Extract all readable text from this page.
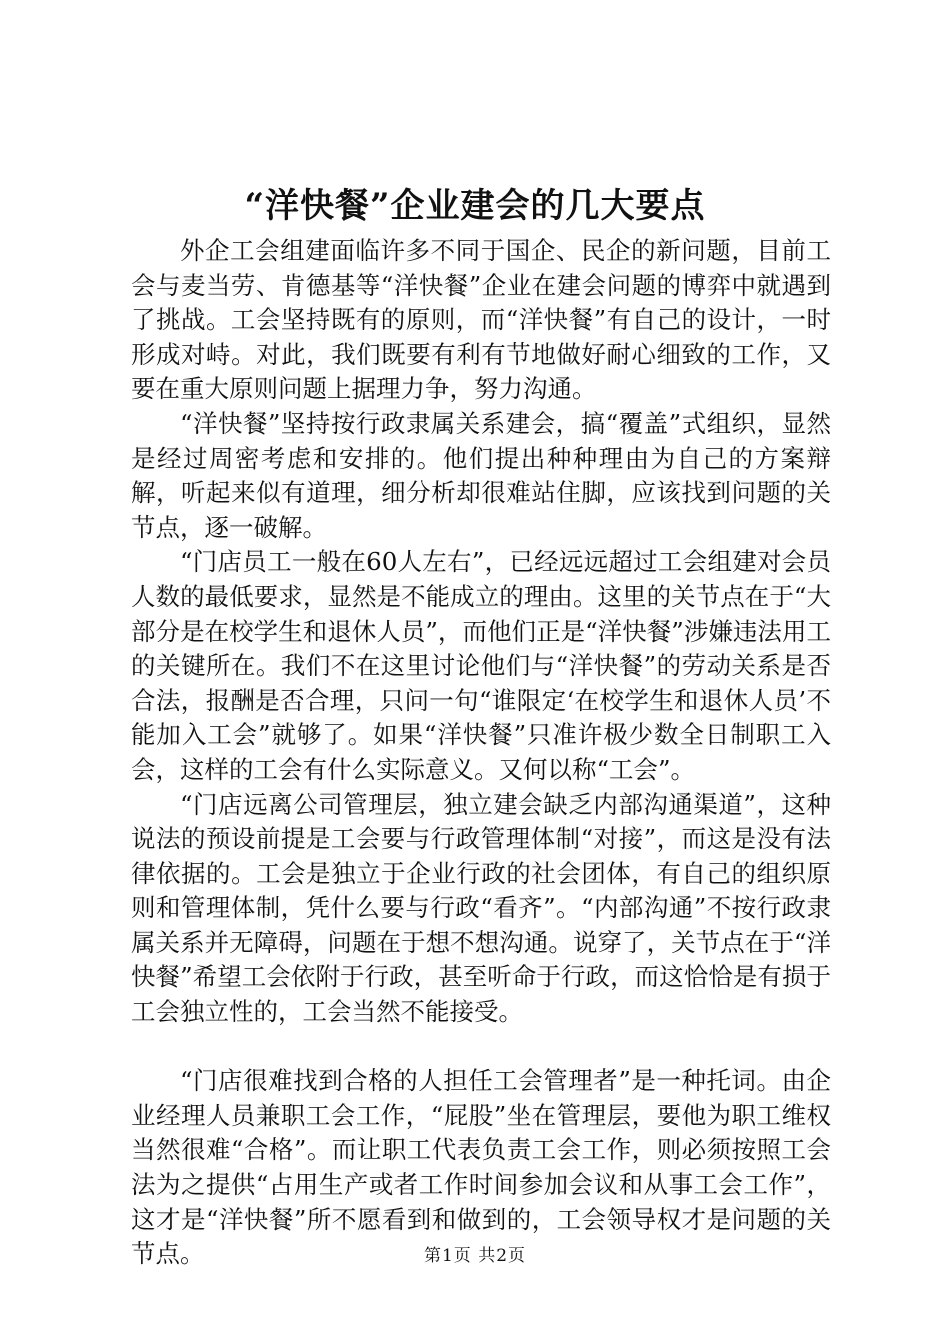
“洋快餐”企业建会的几大要点

外企工会组建面临许多不同于国企、民企的新问题，目前工会与麦当劳、肯德基等“洋快餐”企业在建会问题的博弈中就遇到了挑战。工会坚持既有的原则，而“洋快餐”有自己的设计，一时形成对峙。对此，我们既要有利有节地做好耐心细致的工作，又要在重大原则问题上据理力争，努力沟通。

“洋快餐”坚持按行政隶属关系建会，搞“覆盖”式组织，显然是经过周密考虑和安排的。他们提出种种理由为自己的方案辩解，听起来似有道理，细分析却很难站住脚，应该找到问题的关节点，逐一破解。

“门店员工一般在60人左右”，已经远远超过工会组建对会员人数的最低要求，显然是不能成立的理由。这里的关节点在于“大部分是在校学生和退休人员”，而他们正是“洋快餐”涉嫌违法用工的关键所在。我们不在这里讨论他们与“洋快餐”的劳动关系是否合法，报酬是否合理，只问一句“谁限定‘在校学生和退休人员’不能加入工会”就够了。如果“洋快餐”只准许极少数全日制职工入会，这样的工会有什么实际意义。又何以称“工会”。

“门店远离公司管理层，独立建会缺乏内部沟通渠道”，这种说法的预设前提是工会要与行政管理体制“对接”，而这是没有法律依据的。工会是独立于企业行政的社会团体，有自己的组织原则和管理体制，凭什么要与行政“看齐”。“内部沟通”不按行政隶属关系并无障碍，问题在于想不想沟通。说穿了，关节点在于“洋快餐”希望工会依附于行政，甚至听命于行政，而这恰恰是有损于工会独立性的，工会当然不能接受。

“门店很难找到合格的人担任工会管理者”是一种托词。由企业经理人员兼职工会工作，“屁股”坐在管理层，要他为职工维权当然很难“合格”。而让职工代表负责工会工作，则必须按照工会法为之提供“占用生产或者工作时间参加会议和从事工会工作”，这才是“洋快餐”所不愿看到和做到的，工会领导权才是问题的关节点。	第1页 共2页
